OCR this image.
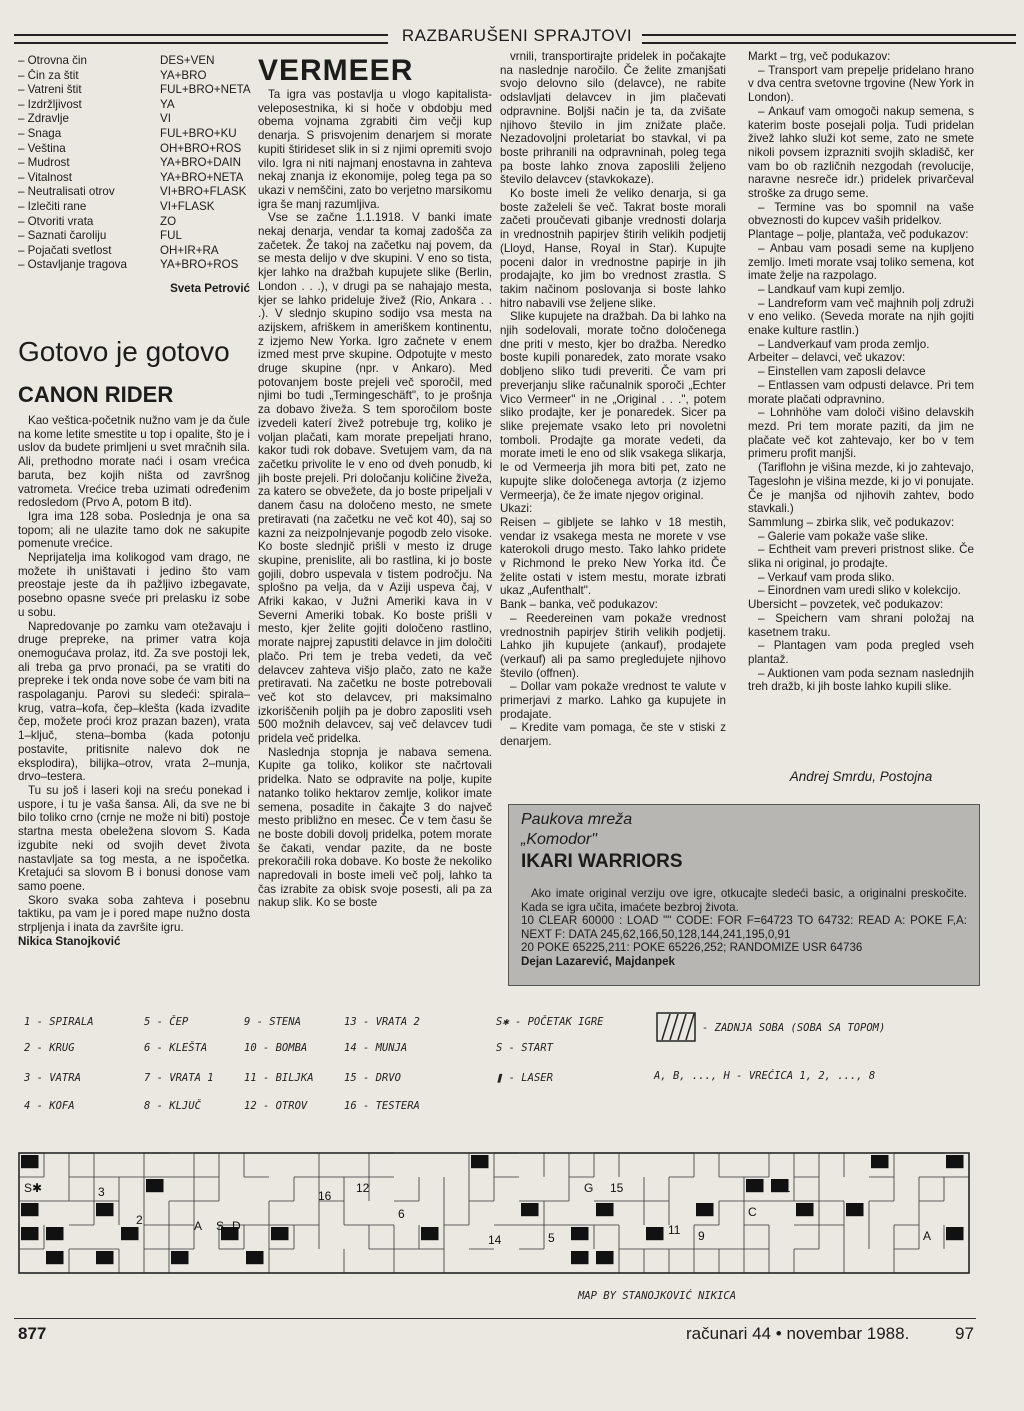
RAZBARUŠENI SPRAJTOVI
– Otrovna čin	DES+VEN
– Čin za štit	YA+BRO
– Vatreni štit	FUL+BRO+NETA
– Izdržljivost	YA
– Zdravlje	VI
– Snaga	FUL+BRO+KU
– Veština	OH+BRO+ROS
– Mudrost	YA+BRO+DAIN
– Vitalnost	YA+BRO+NETA
– Neutralisati otrov	VI+BRO+FLASK
– Izlečiti rane	VI+FLASK
– Otvoriti vrata	ZO
– Saznati čaroliju	FUL
– Pojačati svetlost	OH+IR+RA
– Ostavljanje tragova	YA+BRO+ROS

Sveta Petrović

Gotovo je gotovo
CANON RIDER

Kao veštica-početnik nužno vam je da čule na kome letite smestite u top i opalite, što je i uslov da budete primljeni u svet mračnih sila. Ali, prethodno morate naći i osam vrećica baruta, bez kojih ništa od završnog vatrometa. Vrećice treba uzimati određenim redosledom (Prvo A, potom B itd).

Igra ima 128 soba. Poslednja je ona sa topom; ali ne ulazite tamo dok ne sakupite pomenute vrećice.

Neprijatelja ima kolikogod vam drago, ne možete ih uništavati i jedino što vam preostaje jeste da ih pažljivo izbegavate, posebno opasne sveće pri prelasku iz sobe u sobu.

Napredovanje po zamku vam otežavaju i druge prepreke, na primer vatra koja onemogućava prolaz, itd. Za sve postoji lek, ali treba ga prvo pronaći, pa se vratiti do prepreke i tek onda nove sobe će vam biti na raspolaganju. Parovi su sledeći: spirala–krug, vatra–kofa, čep–klešta (kada izvadite čep, možete proći kroz prazan bazen), vrata 1–ključ, stena–bomba (kada potonju postavite, pritisnite nalevo dok ne eksplodira), bilijka–otrov, vrata 2–munja, drvo–testera.

Tu su još i laseri koji na sreću ponekad i uspore, i tu je vaša šansa. Ali, da sve ne bi bilo toliko crno (crnje ne može ni biti) postoje startna mesta obeležena slovom S. Kada izgubite neki od svojih devet života nastavljate sa tog mesta, a ne ispočetka. Kretajući sa slovom B i bonusi donose vam samo poene.

Skoro svaka soba zahteva i posebnu taktiku, pa vam je i pored mape nužno dosta strpljenja i inata da završite igru.

Nikica Stanojković

VERMEER

Ta igra vas postavlja u vlogo kapitalista-veleposestnika, ki si hoče v obdobju med obema vojnama zgrabiti čim večji kup denarja. S prisvojenim denarjem si morate kupiti štirideset slik in si z njimi opremiti svojo vilo. Igra ni niti najmanj enostavna in zahteva nekaj znanja iz ekonomije, poleg tega pa so ukazi v nemščini, zato bo verjetno marsikomu igra še manj razumljiva.

Vse se začne 1.1.1918. V banki imate nekaj denarja, vendar ta komaj zadošča za začetek. Že takoj na začetku naj povem, da se mesta delijo v dve skupini. V eno so tista, kjer lahko na dražbah kupujete slike (Berlin, London . . .), v drugi pa se nahajajo mesta, kjer se lahko prideluje živež (Rio, Ankara . . .). V slednjo skupino sodijo vsa mesta na azijskem, afriškem in ameriškem kontinentu, z izjemo New Yorka. Igro začnete v enem izmed mest prve skupine. Odpotujte v mesto druge skupine (npr. v Ankaro). Med potovanjem boste prejeli več sporočil, med njimi bo tudi „Termingeschäft", to je prošnja za dobavo živeža. S tem sporočilom boste izvedeli katerí živež potrebuje trg, koliko je voljan plačati, kam morate prepeljati hrano, kakor tudi rok dobave. Svetujem vam, da na začetku privolite le v eno od dveh ponudb, ki jih boste prejeli. Pri določanju količine živeža, za katero se obvežete, da jo boste pripeljali v danem času na določeno mesto, ne smete pretiravati (na začetku ne več kot 40), saj so kazni za neizpolnjevanje pogodb zelo visoke. Ko boste slednjič prišli v mesto iz druge skupine, prenislite, ali bo rastlina, ki jo boste gojili, dobro uspevala v tistem področju. Na splošno pa velja, da v Aziji uspeva čaj, v Afriki kakao, v Južni Ameriki kava in v Severni Ameriki tobak. Ko boste prišli v mesto, kjer želite gojiti določeno rastlino, morate najprej zapustiti delavce in jim določiti plačo. Pri tem je treba vedeti, da več delavcev zahteva višjo plačo, zato ne kaže pretiravati. Na začetku ne boste potrebovali več kot sto delavcev, pri maksimalno izkoriščenih poljih pa je dobro zaposliti vseh 500 možnih delavcev, saj več delavcev tudi pridela več pridelka.

Naslednja stopnja je nabava semena. Kupite ga toliko, kolikor ste načrtovali pridelka. Nato se odpravite na polje, kupite natanko toliko hektarov zemlje, kolikor imate semena, posadite in čakajte 3 do največ mesto približno en mesec. Če v tem času še ne boste dobili dovolj pridelka, potem morate še čakati, vendar pazite, da ne boste prekoračili roka dobave. Ko boste že nekoliko napredovali in boste imeli več polj, lahko ta čas izrabite za obisk svoje posesti, ali pa za nakup slik. Ko se boste

vrnili, transportirajte pridelek in počakajte na naslednje naročilo. Če želite zmanjšati svojo delovno silo (delavce), ne rabite odslavljati delavcev in jim plačevati odpravnine. Boljši način je ta, da zvišate njihovo število in jim znižate plače. Nezadovoljni proletariat bo stavkal, vi pa boste prihranili na odpravninah, poleg tega pa boste lahko znova zaposlili željeno število delavcev (stavkokaze).

Ko boste imeli že veliko denarja, si ga boste zaželeli še več. Takrat boste morali začeti proučevati gibanje vrednosti dolarja in vrednostnih papirjev štirih velikih podjetij (Lloyd, Hanse, Royal in Star). Kupujte poceni dalor in vrednostne papirje in jih prodajajte, ko jim bo vrednost zrastla. S takim načinom poslovanja si boste lahko hitro nabavili vse željene slike.

Slike kupujete na dražbah. Da bi lahko na njih sodelovali, morate točno določenega dne priti v mesto, kjer bo dražba. Neredko boste kupili ponaredek, zato morate vsako dobljeno sliko tudi preveriti. Če vam pri preverjanju slike računalnik sporoči „Echter Vico Vermeer" in ne „Original . . .", potem sliko prodajte, ker je ponaredek. Sicer pa slike prejemate vsako leto pri novoletni tomboli. Prodajte ga morate vedeti, da morate imeti le eno od slik vsakega slikarja, le od Vermeerja jih mora biti pet, zato ne kupujte slike določenega avtorja (z izjemo Vermeerja), če že imate njegov original.

Ukazi:

Reisen – gibljete se lahko v 18 mestih, vendar iz vsakega mesta ne morete v vse katerokoli drugo mesto. Tako lahko pridete v Richmond le preko New Yorka itd. Če želite ostati v istem mestu, morate izbrati ukaz „Aufenthalt".

Bank – banka, več podukazov:

– Reedereinen vam pokaže vrednost vrednostnih papirjev štirih velikih podjetij. Lahko jih kupujete (ankauf), prodajete (verkauf) ali pa samo pregledujete njihovo število (offnen).

– Dollar vam pokaže vrednost te valute v primerjavi z marko. Lahko ga kupujete in prodajate.

– Kredite vam pomaga, če ste v stiski z denarjem.

Markt – trg, več podukazov:

– Transport vam prepelje pridelano hrano v dva centra svetovne trgovine (New York in London).

– Ankauf vam omogoči nakup semena, s katerim boste posejali polja. Tudi pridelan živež lahko služi kot seme, zato ne smete nikoli povsem izprazniti svojih skladišč, ker vam bo ob različnih nezgodah (revolucije, naravne nesreče idr.) pridelek privarčeval stroške za drugo seme.

– Termine vas bo spomnil na vaše obveznosti do kupcev vaših pridelkov.

Plantage – polje, plantaža, več podukazov:

– Anbau vam posadi seme na kupljeno zemljo. Imeti morate vsaj toliko semena, kot imate želje na razpolago.

– Landkauf vam kupi zemljo.

– Landreform vam več majhnih polj združi v eno veliko. (Seveda morate na njih gojiti enake kulture rastlin.)

– Landverkauf vam proda zemljo.

Arbeiter – delavci, več ukazov:

– Einstellen vam zaposli delavce

– Entlassen vam odpusti delavce. Pri tem morate plačati odpravnino.

– Lohnhöhe vam določi višino delavskih mezd. Pri tem morate paziti, da jim ne plačate več kot zahtevajo, ker bo v tem primeru profit manjši.

(Tariflohn je višina mezde, ki jo zahtevajo, Tageslohn je višina mezde, ki jo vi ponujate. Če je manjša od njihovih zahtev, bodo stavkali.)

Sammlung – zbirka slik, več podukazov:

– Galerie vam pokaže vaše slike.

– Echtheit vam preveri pristnost slike. Če slika ni original, jo prodajte.

– Verkauf vam proda sliko.

– Einordnen vam uredi sliko v kolekcijo.

Ubersicht – povzetek, več podukazov:

– Speichern vam shrani položaj na kasetnem traku.

– Plantagen vam poda pregled vseh plantaž.

– Auktionen vam poda seznam naslednjih treh dražb, ki jih boste lahko kupili slike.

Andrej Smrdu, Postojna

Paukova mreža
„Komodor"
IKARI WARRIORS
Ako imate original verziju ove igre, otkucajte sledeći basic, a originalni preskočite. Kada se igra učita, imaćete bezbroj života.
10 CLEAR 60000 : LOAD "" CODE: FOR F=64723 TO 64732: READ A: POKE F,A: NEXT F: DATA 245,62,166,50,128,144,241,195,0,91
20 POKE 65225,211: POKE 65226,252; RANDOMIZE USR 64736
Dejan Lazarević, Majdanpek
1 - SPIRALA	5 - ČEP	9 - STENA	13 - VRATA 2
2 - KRUG	6 - KLEŠTA	10 - BOMBA	14 - MUNJA
3 - VATRA	7 - VRATA 1	11 - BILJKA	15 - DRVO
4 - KOFA	8 - KLJUČ	12 - OTROV	16 - TESTERA
S✱ - POČETAK IGRE
S - START
❚ - LASER
- ZADNJA SOBA (SOBA SA TOPOM)
A, B, ..., H - VREĆICA 1, 2, ..., 8
S✱	3
2	A S D
16
12
6
14	5
G 15
11 9
C
11
A
MAP BY STANOJKOVIĆ NIKICA
877	računari 44 • novembar 1988.	97
